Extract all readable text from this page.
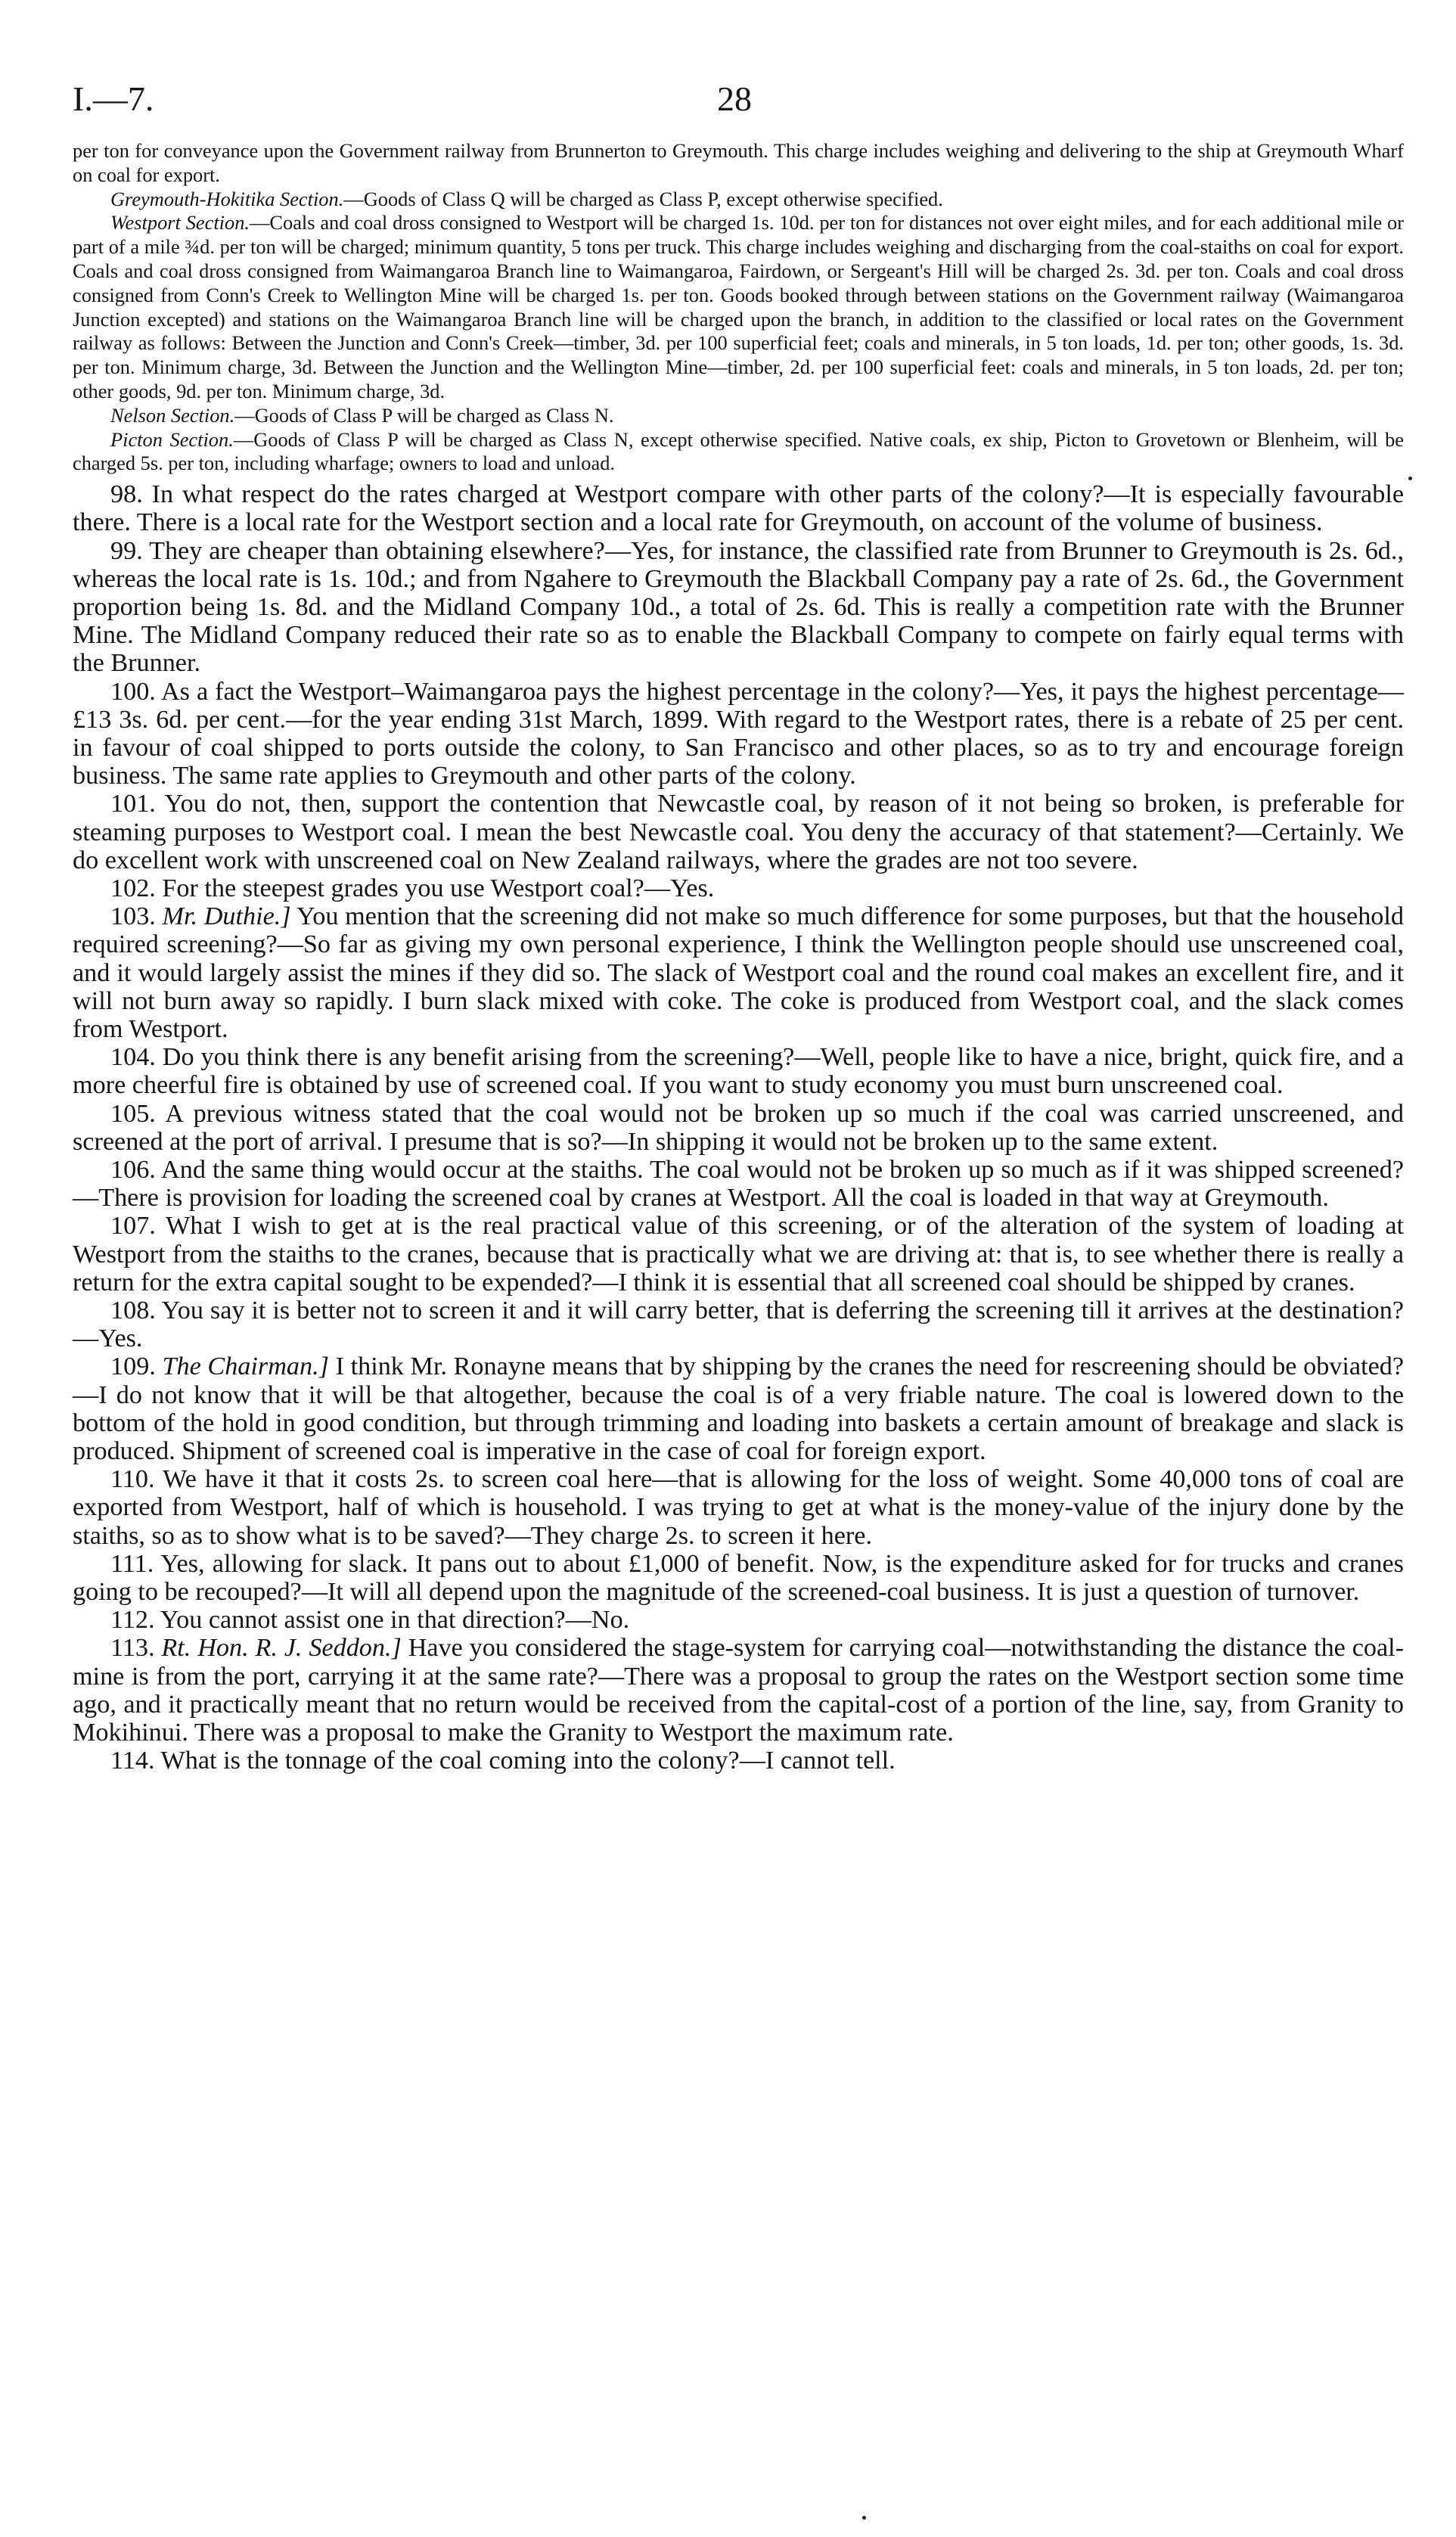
I.—7.	28

per ton for conveyance upon the Government railway from Brunnerton to Greymouth. This charge includes weighing and delivering to the ship at Greymouth Wharf on coal for export.

Greymouth-Hokitika Section.—Goods of Class Q will be charged as Class P, except otherwise specified.

Westport Section.—Coals and coal dross consigned to Westport will be charged 1s. 10d. per ton for distances not over eight miles, and for each additional mile or part of a mile ¾d. per ton will be charged; minimum quantity, 5 tons per truck. This charge includes weighing and discharging from the coal-staiths on coal for export. Coals and coal dross consigned from Waimangaroa Branch line to Waimangaroa, Fairdown, or Sergeant's Hill will be charged 2s. 3d. per ton. Coals and coal dross consigned from Conn's Creek to Wellington Mine will be charged 1s. per ton. Goods booked through between stations on the Government railway (Waimangaroa Junction excepted) and stations on the Waimangaroa Branch line will be charged upon the branch, in addition to the classified or local rates on the Government railway as follows: Between the Junction and Conn's Creek—timber, 3d. per 100 superficial feet; coals and minerals, in 5 ton loads, 1d. per ton; other goods, 1s. 3d. per ton. Minimum charge, 3d. Between the Junction and the Wellington Mine—timber, 2d. per 100 superficial feet: coals and minerals, in 5 ton loads, 2d. per ton; other goods, 9d. per ton. Minimum charge, 3d.

Nelson Section.—Goods of Class P will be charged as Class N.

Picton Section.—Goods of Class P will be charged as Class N, except otherwise specified. Native coals, ex ship, Picton to Grovetown or Blenheim, will be charged 5s. per ton, including wharfage; owners to load and unload.

98. In what respect do the rates charged at Westport compare with other parts of the colony?—It is especially favourable there. There is a local rate for the Westport section and a local rate for Greymouth, on account of the volume of business.

99. They are cheaper than obtaining elsewhere?—Yes, for instance, the classified rate from Brunner to Greymouth is 2s. 6d., whereas the local rate is 1s. 10d.; and from Ngahere to Greymouth the Blackball Company pay a rate of 2s. 6d., the Government proportion being 1s. 8d. and the Midland Company 10d., a total of 2s. 6d. This is really a competition rate with the Brunner Mine. The Midland Company reduced their rate so as to enable the Blackball Company to compete on fairly equal terms with the Brunner.

100. As a fact the Westport–Waimangaroa pays the highest percentage in the colony?—Yes, it pays the highest percentage—£13 3s. 6d. per cent.—for the year ending 31st March, 1899. With regard to the Westport rates, there is a rebate of 25 per cent. in favour of coal shipped to ports outside the colony, to San Francisco and other places, so as to try and encourage foreign business. The same rate applies to Greymouth and other parts of the colony.

101. You do not, then, support the contention that Newcastle coal, by reason of it not being so broken, is preferable for steaming purposes to Westport coal. I mean the best Newcastle coal. You deny the accuracy of that statement?—Certainly. We do excellent work with unscreened coal on New Zealand railways, where the grades are not too severe.

102. For the steepest grades you use Westport coal?—Yes.

103. Mr. Duthie.] You mention that the screening did not make so much difference for some purposes, but that the household required screening?—So far as giving my own personal experience, I think the Wellington people should use unscreened coal, and it would largely assist the mines if they did so. The slack of Westport coal and the round coal makes an excellent fire, and it will not burn away so rapidly. I burn slack mixed with coke. The coke is produced from Westport coal, and the slack comes from Westport.

104. Do you think there is any benefit arising from the screening?—Well, people like to have a nice, bright, quick fire, and a more cheerful fire is obtained by use of screened coal. If you want to study economy you must burn unscreened coal.

105. A previous witness stated that the coal would not be broken up so much if the coal was carried unscreened, and screened at the port of arrival. I presume that is so?—In shipping it would not be broken up to the same extent.

106. And the same thing would occur at the staiths. The coal would not be broken up so much as if it was shipped screened?—There is provision for loading the screened coal by cranes at Westport. All the coal is loaded in that way at Greymouth.

107. What I wish to get at is the real practical value of this screening, or of the alteration of the system of loading at Westport from the staiths to the cranes, because that is practically what we are driving at: that is, to see whether there is really a return for the extra capital sought to be expended?—I think it is essential that all screened coal should be shipped by cranes.

108. You say it is better not to screen it and it will carry better, that is deferring the screening till it arrives at the destination?—Yes.

109. The Chairman.] I think Mr. Ronayne means that by shipping by the cranes the need for rescreening should be obviated?—I do not know that it will be that altogether, because the coal is of a very friable nature. The coal is lowered down to the bottom of the hold in good condition, but through trimming and loading into baskets a certain amount of breakage and slack is produced. Shipment of screened coal is imperative in the case of coal for foreign export.

110. We have it that it costs 2s. to screen coal here—that is allowing for the loss of weight. Some 40,000 tons of coal are exported from Westport, half of which is household. I was trying to get at what is the money-value of the injury done by the staiths, so as to show what is to be saved?—They charge 2s. to screen it here.

111. Yes, allowing for slack. It pans out to about £1,000 of benefit. Now, is the expenditure asked for for trucks and cranes going to be recouped?—It will all depend upon the magnitude of the screened-coal business. It is just a question of turnover.

112. You cannot assist one in that direction?—No.

113. Rt. Hon. R. J. Seddon.] Have you considered the stage-system for carrying coal—notwithstanding the distance the coal-mine is from the port, carrying it at the same rate?—There was a proposal to group the rates on the Westport section some time ago, and it practically meant that no return would be received from the capital-cost of a portion of the line, say, from Granity to Mokihinui. There was a proposal to make the Granity to Westport the maximum rate.

114. What is the tonnage of the coal coming into the colony?—I cannot tell.
